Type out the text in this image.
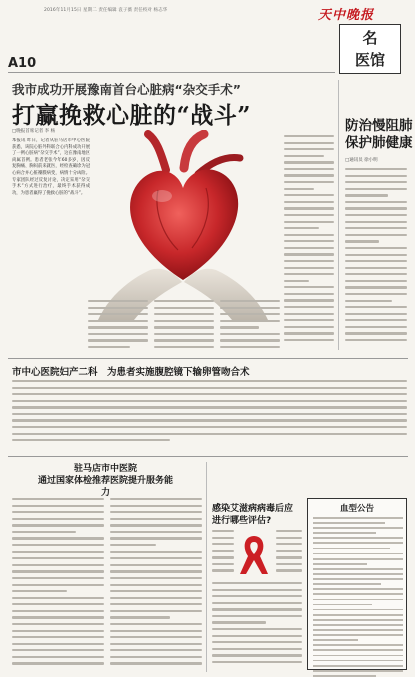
2016年11月15日 星期二 责任编辑 袁子薇 责任校对 杨志华	天中晚报
名
医馆
A10
我市成功开展豫南首台心脏病“杂交手术”
打赢挽救心脏的“战斗”
□晚报首席记者 李 杨
本报讯 昨日，记者从驻马店市中心医院获悉，该院心脏外科联合心内科成功开展了一例心脏病“杂交手术”，这在豫南地区尚属首例。患者老张今年60多岁，因反复胸痛、胸闷前来就医，经检查确诊为冠心病合并心脏瓣膜病变，病情十分凶险。专家团队经过反复讨论，决定采用“杂交手术”方式进行治疗，最终手术获得成功，为患者赢得了挽救心脏的“战斗”。
防治慢阻肺
保护肺健康
□通讯员 徐小明
市中心医院妇产二科　为患者实施腹腔镜下输卵管吻合术
驻马店市中医院
通过国家体检推荐医院提升服务能力
感染艾滋病病毒后应
进行哪些评估?
血型公告
